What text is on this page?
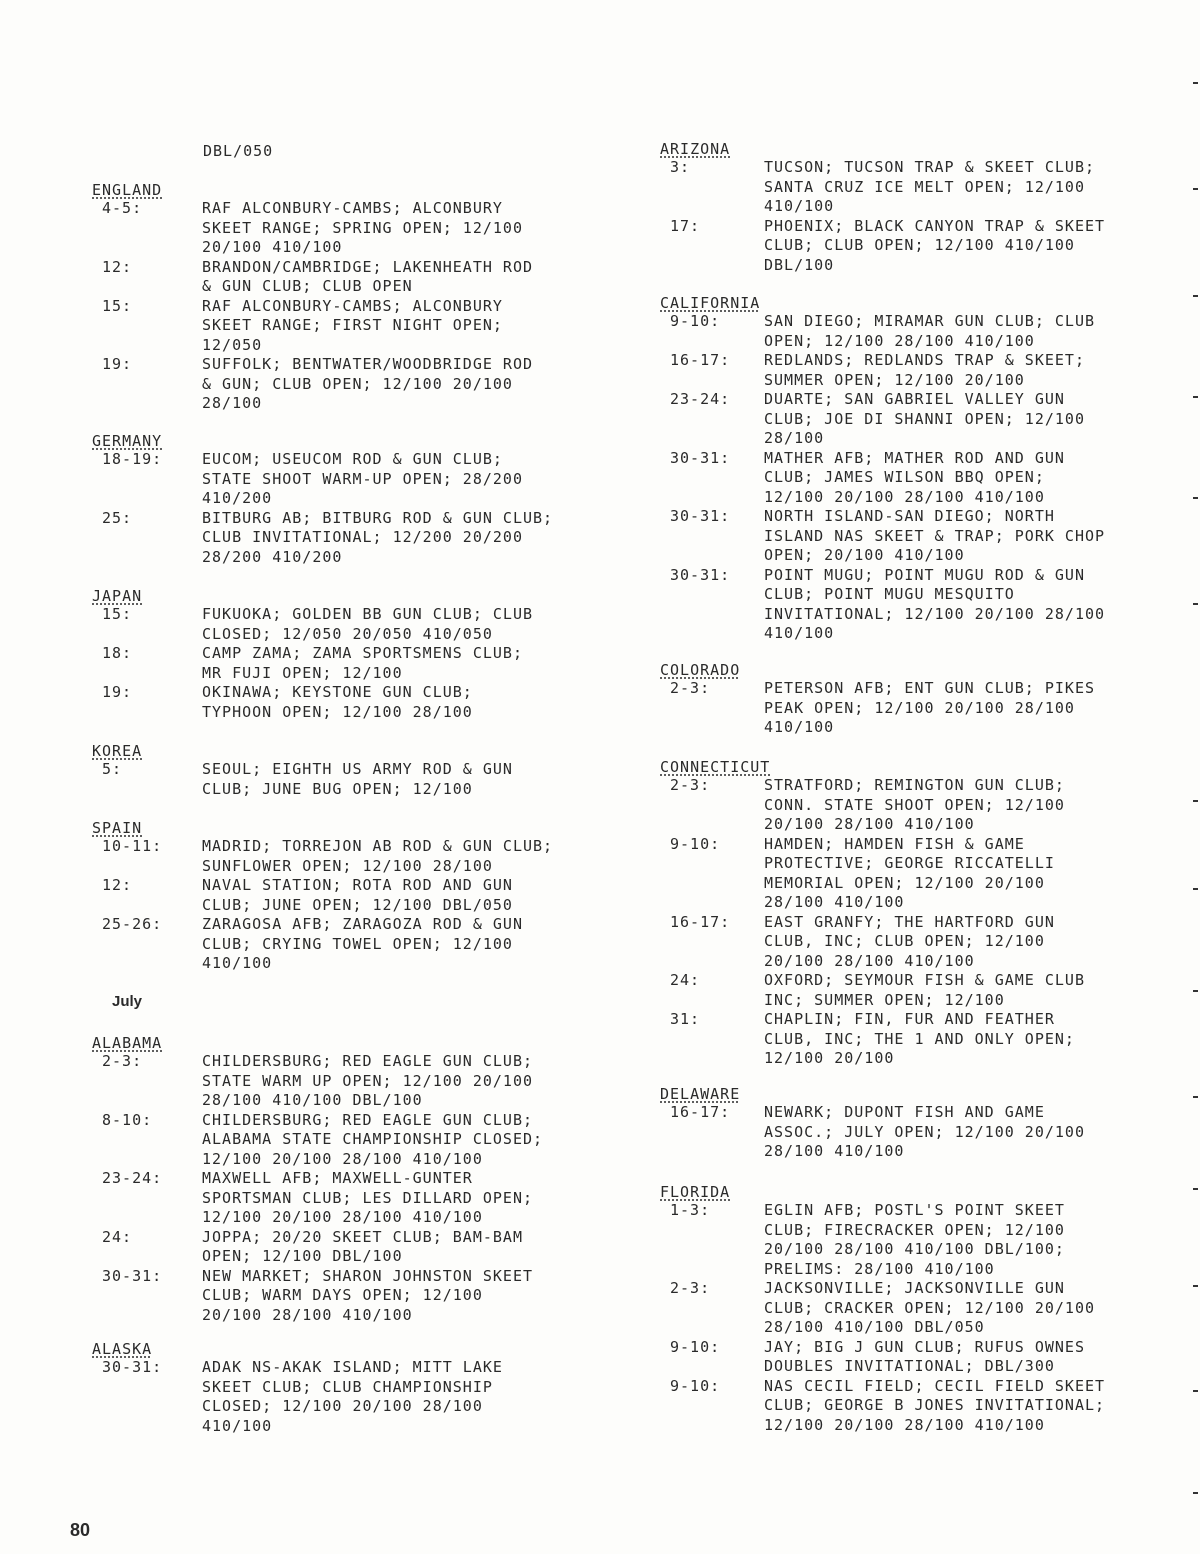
DBL/050
ENGLAND
4-5:	RAF ALCONBURY-CAMBS; ALCONBURY
SKEET RANGE; SPRING OPEN; 12/100
20/100 410/100
12:	BRANDON/CAMBRIDGE; LAKENHEATH ROD
& GUN CLUB; CLUB OPEN
15:	RAF ALCONBURY-CAMBS; ALCONBURY
SKEET RANGE; FIRST NIGHT OPEN;
12/050
19:	SUFFOLK; BENTWATER/WOODBRIDGE ROD
& GUN; CLUB OPEN; 12/100 20/100
28/100
GERMANY
18-19:	EUCOM; USEUCOM ROD & GUN CLUB;
STATE SHOOT WARM-UP OPEN; 28/200
410/200
25:	BITBURG AB; BITBURG ROD & GUN CLUB;
CLUB INVITATIONAL; 12/200 20/200
28/200 410/200
JAPAN
15:	FUKUOKA; GOLDEN BB GUN CLUB; CLUB
CLOSED; 12/050 20/050 410/050
18:	CAMP ZAMA; ZAMA SPORTSMENS CLUB;
MR FUJI OPEN; 12/100
19:	OKINAWA; KEYSTONE GUN CLUB;
TYPHOON OPEN; 12/100 28/100
KOREA
5:	SEOUL; EIGHTH US ARMY ROD & GUN
CLUB; JUNE BUG OPEN; 12/100
SPAIN
10-11:	MADRID; TORREJON AB ROD & GUN CLUB;
SUNFLOWER OPEN; 12/100 28/100
12:	NAVAL STATION; ROTA ROD AND GUN
CLUB; JUNE OPEN; 12/100 DBL/050
25-26:	ZARAGOSA AFB; ZARAGOZA ROD & GUN
CLUB; CRYING TOWEL OPEN; 12/100
410/100
ALABAMA
2-3:	CHILDERSBURG; RED EAGLE GUN CLUB;
STATE WARM UP OPEN; 12/100 20/100
28/100 410/100 DBL/100
8-10:	CHILDERSBURG; RED EAGLE GUN CLUB;
ALABAMA STATE CHAMPIONSHIP CLOSED;
12/100 20/100 28/100 410/100
23-24:	MAXWELL AFB; MAXWELL-GUNTER
SPORTSMAN CLUB; LES DILLARD OPEN;
12/100 20/100 28/100 410/100
24:	JOPPA; 20/20 SKEET CLUB; BAM-BAM
OPEN; 12/100 DBL/100
30-31:	NEW MARKET; SHARON JOHNSTON SKEET
CLUB; WARM DAYS OPEN; 12/100
20/100 28/100 410/100
ALASKA
30-31:	ADAK NS-AKAK ISLAND; MITT LAKE
SKEET CLUB; CLUB CHAMPIONSHIP
CLOSED; 12/100 20/100 28/100
410/100
July
ARIZONA
3:	TUCSON; TUCSON TRAP & SKEET CLUB;
SANTA CRUZ ICE MELT OPEN; 12/100
410/100
17:	PHOENIX; BLACK CANYON TRAP & SKEET
CLUB; CLUB OPEN; 12/100 410/100
DBL/100
CALIFORNIA
9-10:	SAN DIEGO; MIRAMAR GUN CLUB; CLUB
OPEN; 12/100 28/100 410/100
16-17: REDLANDS; REDLANDS TRAP & SKEET;
SUMMER OPEN; 12/100 20/100
23-24: DUARTE; SAN GABRIEL VALLEY GUN
CLUB; JOE DI SHANNI OPEN; 12/100
28/100
30-31: MATHER AFB; MATHER ROD AND GUN
CLUB; JAMES WILSON BBQ OPEN;
12/100 20/100 28/100 410/100
30-31: NORTH ISLAND-SAN DIEGO; NORTH
ISLAND NAS SKEET & TRAP; PORK CHOP
OPEN; 20/100 410/100
30-31: POINT MUGU; POINT MUGU ROD & GUN
CLUB; POINT MUGU MESQUITO
INVITATIONAL; 12/100 20/100 28/100
410/100
COLORADO
2-3:	PETERSON AFB; ENT GUN CLUB; PIKES
PEAK OPEN; 12/100 20/100 28/100
410/100
CONNECTICUT
2-3:	STRATFORD; REMINGTON GUN CLUB;
CONN. STATE SHOOT OPEN; 12/100
20/100 28/100 410/100
9-10:	HAMDEN; HAMDEN FISH & GAME
PROTECTIVE; GEORGE RICCATELLI
MEMORIAL OPEN; 12/100 20/100
28/100 410/100
16-17: EAST GRANFY; THE HARTFORD GUN
CLUB, INC; CLUB OPEN; 12/100
20/100 28/100 410/100
24:	OXFORD; SEYMOUR FISH & GAME CLUB
INC; SUMMER OPEN; 12/100
31:	CHAPLIN; FIN, FUR AND FEATHER
CLUB, INC; THE 1 AND ONLY OPEN;
12/100 20/100
DELAWARE
16-17: NEWARK; DUPONT FISH AND GAME
ASSOC.; JULY OPEN; 12/100 20/100
28/100 410/100
FLORIDA
1-3:	EGLIN AFB; POSTL'S POINT SKEET
CLUB; FIRECRACKER OPEN; 12/100
20/100 28/100 410/100 DBL/100;
PRELIMS: 28/100 410/100
2-3:	JACKSONVILLE; JACKSONVILLE GUN
CLUB; CRACKER OPEN; 12/100 20/100
28/100 410/100 DBL/050
9-10:	JAY; BIG J GUN CLUB; RUFUS OWNES
DOUBLES INVITATIONAL; DBL/300
9-10:	NAS CECIL FIELD; CECIL FIELD SKEET
CLUB; GEORGE B JONES INVITATIONAL;
12/100 20/100 28/100 410/100
80
